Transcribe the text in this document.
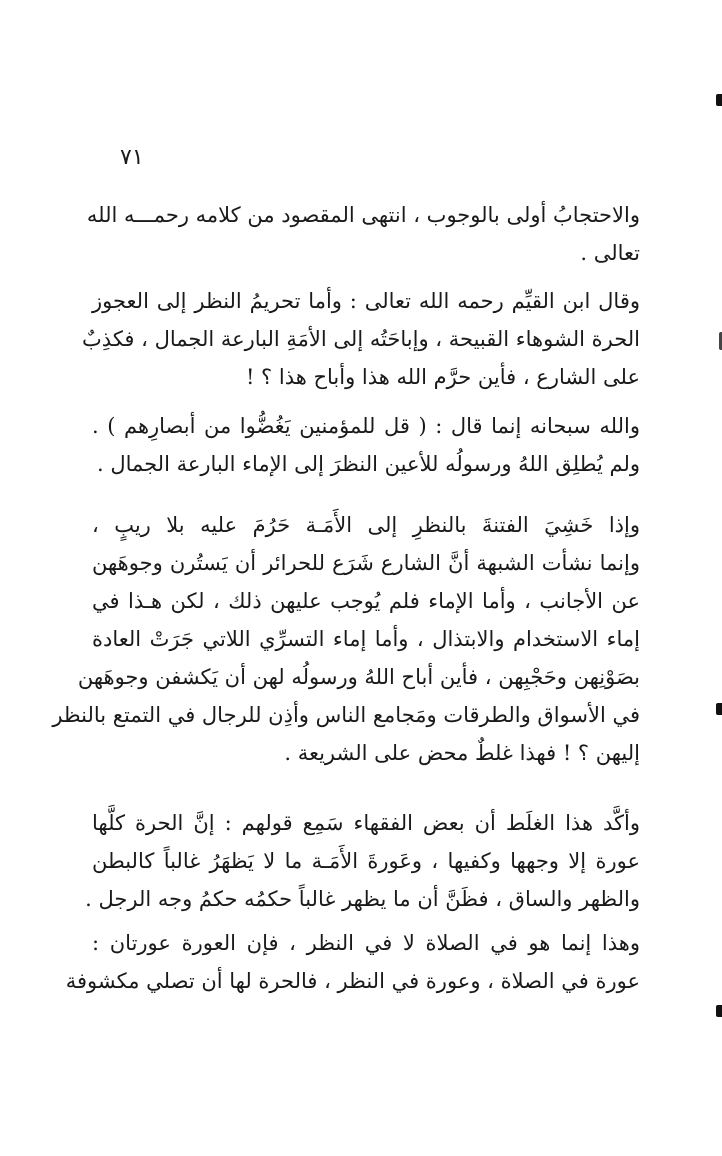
٧١
والاحتجابُ أولى بالوجوب ، انتهى المقصود من كلامه رحمـــه الله
تعالى .
وقال ابن القيِّم رحمه الله تعالى : وأما تحريمُ النظر إلى العجوز
الحرة الشوهاء القبيحة ، وإباحَتُه إلى الأمَةِ البارعة الجمال ، فكذِبٌ
على الشارع ، فأين حرَّم الله هذا وأباح هذا ؟ !
والله سبحانه إنما قال : ( قل للمؤمنين يَغُضُّوا من أبصارِهم ) .
ولم يُطلِق اللهُ ورسولُه للأعين النظرَ إلى الإماء البارعة الجمال .
وإذا خَشِيَ الفتنةَ بالنظرِ إلى الأَمَـة حَرُمَ عليه بلا ريبٍ ،
وإنما نشأت الشبهة أنَّ الشارع شَرَع للحرائر أن يَستُرن وجوهَهن
عن الأجانب ، وأما الإماء فلم يُوجب عليهن ذلك ، لكن هـذا في
إماء الاستخدام والابتذال ، وأما إماء التسرِّي اللاتي جَرَتْ العادة
بصَوْنِهن وحَجْبِهن ، فأين أباح اللهُ ورسولُه لهن أن يَكشفن وجوهَهن
في الأسواق والطرقات ومَجامع الناس وأذِن للرجال في التمتع بالنظر
إليهن ؟ ! فهذا غلطٌ محض على الشريعة .
وأكَّد هذا الغلَط أن بعض الفقهاء سَمِع قولهم : إنَّ الحرة كلَّها
عورة إلا وجهها وكفيها ، وعَورةَ الأَمَـة ما لا يَظهَرُ غالباً كالبطن
والظهر والساق ، فظَنَّ أن ما يظهر غالباً حكمُه حكمُ وجه الرجل .
وهذا إنما هو في الصلاة لا في النظر ، فإن العورة عورتان :
عورة في الصلاة ، وعورة في النظر ، فالحرة لها أن تصلي مكشوفة
